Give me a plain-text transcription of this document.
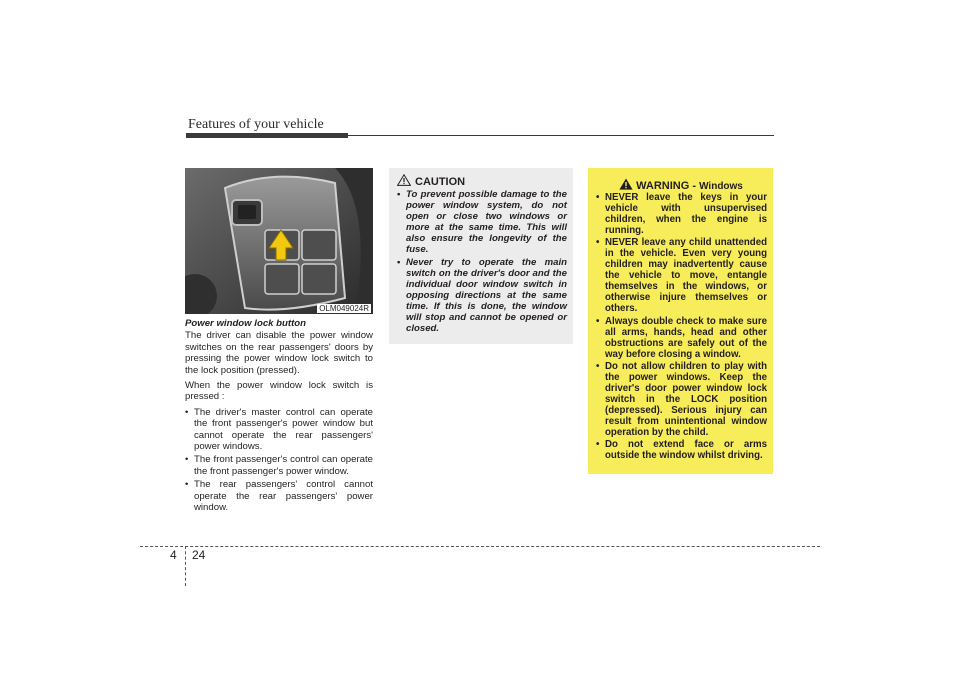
Features of your vehicle
OLM049024R

Power window lock button

The driver can disable the power window switches on the rear passengers' doors by pressing the power window lock switch to the lock position (pressed).

When the power window lock switch is pressed :

• The driver's master control can operate the front passenger's power window but cannot operate the rear passengers' power windows.
• The front passenger's control can operate the front passenger's power window.
• The rear passengers' control cannot operate the rear passengers' power window.
CAUTION
• To prevent possible damage to the power window system, do not open or close two windows or more at the same time. This will also ensure the longevity of the fuse.
• Never try to operate the main switch on the driver's door and the individual door window switch in opposing directions at the same time. If this is done, the window will stop and cannot be opened or closed.
WARNING - Windows
• NEVER leave the keys in your vehicle with unsupervised children, when the engine is running.
• NEVER leave any child unattended in the vehicle. Even very young children may inadvertently cause the vehicle to move, entangle themselves in the windows, or otherwise injure themselves or others.
• Always double check to make sure all arms, hands, head and other obstructions are safely out of the way before closing a window.
• Do not allow children to play with the power windows. Keep the driver's door power window lock switch in the LOCK position (depressed). Serious injury can result from unintentional window operation by the child.
• Do not extend face or arms outside the window whilst driving.
4 24
